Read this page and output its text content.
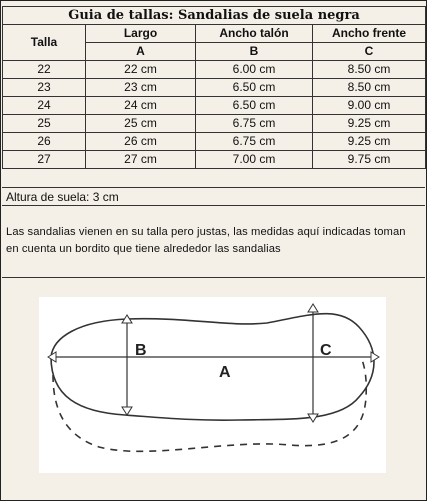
Guia de tallas: Sandalias de suela negra			
Talla	Largo	Ancho talón	Ancho frente
	A	B	C
22	22 cm	6.00 cm	8.50 cm
23	23 cm	6.50 cm	8.50 cm
24	24 cm	6.50 cm	9.00 cm
25	25 cm	6.75 cm	9.25 cm
26	26 cm	6.75 cm	9.25 cm
27	27 cm	7.00 cm	9.75 cm
Altura de suela: 3 cm
Las sandalias vienen en su talla pero justas, las medidas aquí indicadas toman en cuenta un bordito que tiene alrededor las sandalias
B
A
C
